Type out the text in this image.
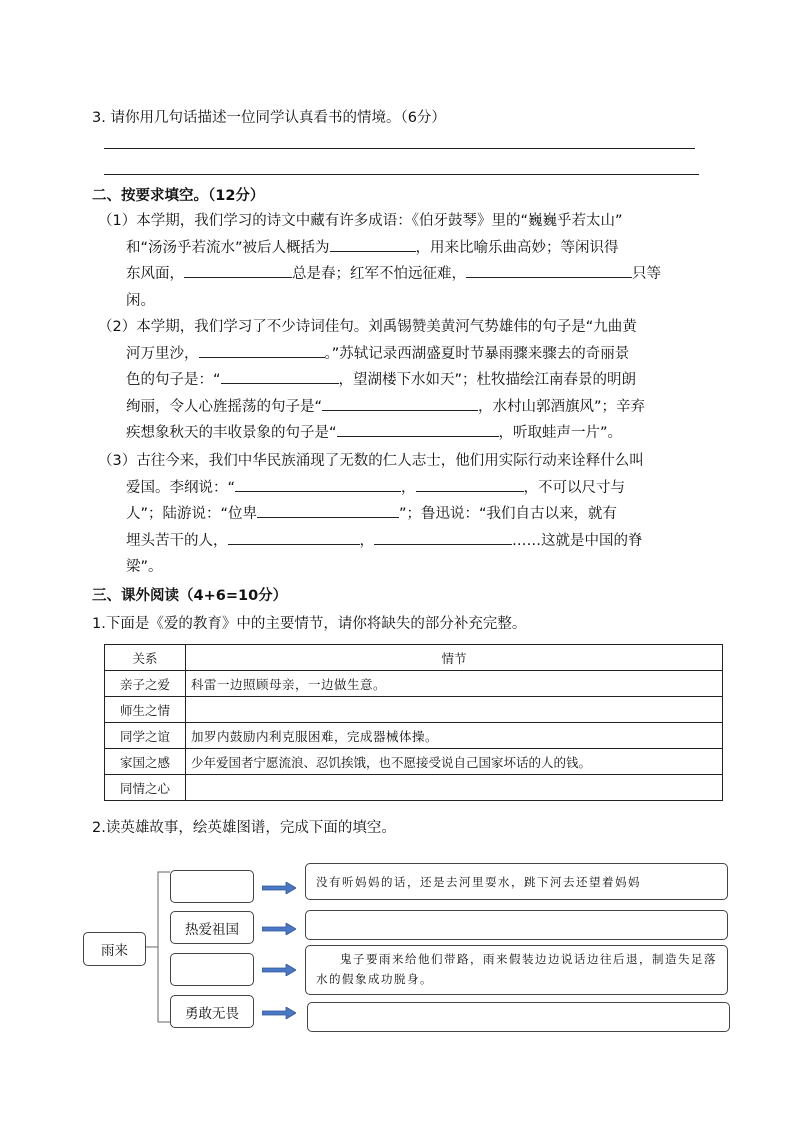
3. 请你用几句话描述一位同学认真看书的情境。（6分）
二、按要求填空。（12分）
（1）本学期，我们学习的诗文中藏有许多成语：《伯牙鼓琴》里的“巍巍乎若太山”
和“汤汤乎若流水”被后人概括为	，用来比喻乐曲高妙；等闲识得
东风面，	总是春；红军不怕远征难，	只等
闲。
（2）本学期，我们学习了不少诗词佳句。刘禹锡赞美黄河气势雄伟的句子是“九曲黄
河万里沙，	。”苏轼记录西湖盛夏时节暴雨骤来骤去的奇丽景
色的句子是：“	，望湖楼下水如天”；杜牧描绘江南春景的明朗
绚丽，令人心旌摇荡的句子是“	，水村山郭酒旗风”；辛弃
疾想象秋天的丰收景象的句子是“	，听取蛙声一片”。
（3）古往今来，我们中华民族涌现了无数的仁人志士，他们用实际行动来诠释什么叫
爱国。李纲说：“	，	，不可以尺寸与
人”；陆游说：“位卑	”；鲁迅说：“我们自古以来，就有
埋头苦干的人，	，	……这就是中国的脊
梁”。
三、课外阅读（4+6=10分）
1.下面是《爱的教育》中的主要情节，请你将缺失的部分补充完整。
关系	情节
亲子之爱	科雷一边照顾母亲，一边做生意。
师生之情	
同学之谊	加罗内鼓励内利克服困难，完成器械体操。
家国之感	少年爱国者宁愿流浪、忍饥挨饿，也不愿接受说自己国家坏话的人的钱。
同情之心	
2.读英雄故事，绘英雄图谱，完成下面的填空。
雨来
热爱祖国
勇敢无畏
没有听妈妈的话，还是去河里耍水，跳下河去还望着妈妈
鬼子要雨来给他们带路，雨来假装边边说话边往后退，制造失足落水的假象成功脱身。
